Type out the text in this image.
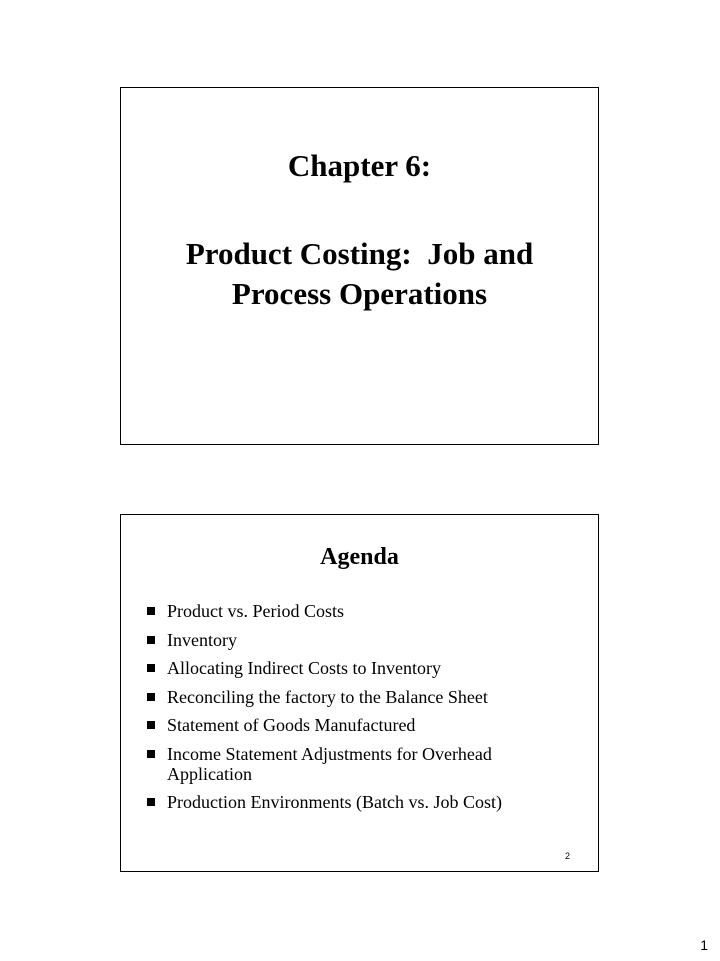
Chapter 6:
Product Costing:  Job and
Process Operations
Agenda
Product vs. Period Costs
Inventory
Allocating Indirect Costs to Inventory
Reconciling the factory to the Balance Sheet
Statement of Goods Manufactured
Income Statement Adjustments for Overhead Application
Production Environments (Batch vs. Job Cost)
2
1
